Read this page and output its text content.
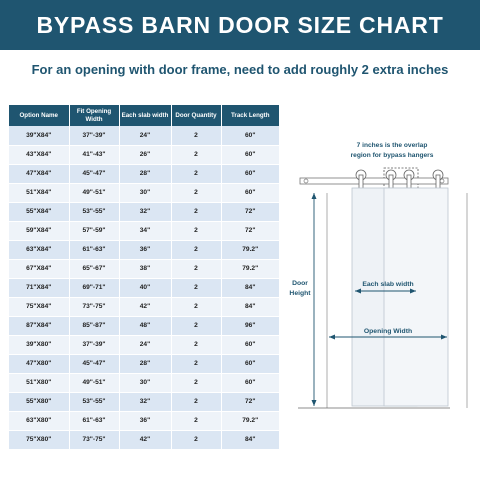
BYPASS BARN DOOR SIZE CHART
For an opening with door frame, need to add roughly 2 extra inches
Option Name	Fit Opening Width	Each slab width	Door Quantity	Track Length
39"X84"	37"-39"	24"	2	60"
43"X84"	41"-43"	26"	2	60"
47"X84"	45"-47"	28"	2	60"
51"X84"	49"-51"	30"	2	60"
55"X84"	53"-55"	32"	2	72"
59"X84"	57"-59"	34"	2	72"
63"X84"	61"-63"	36"	2	79.2"
67"X84"	65"-67"	38"	2	79.2"
71"X84"	69"-71"	40"	2	84"
75"X84"	73"-75"	42"	2	84"
87"X84"	85"-87"	48"	2	96"
39"X80"	37"-39"	24"	2	60"
47"X80"	45"-47"	28"	2	60"
51"X80"	49"-51"	30"	2	60"
55"X80"	53"-55"	32"	2	72"
63"X80"	61"-63"	36"	2	79.2"
75"X80"	73"-75"	42"	2	84"
7 inches is the overlap
region for bypass hangers
Door
Height
Each slab width
Opening Width
